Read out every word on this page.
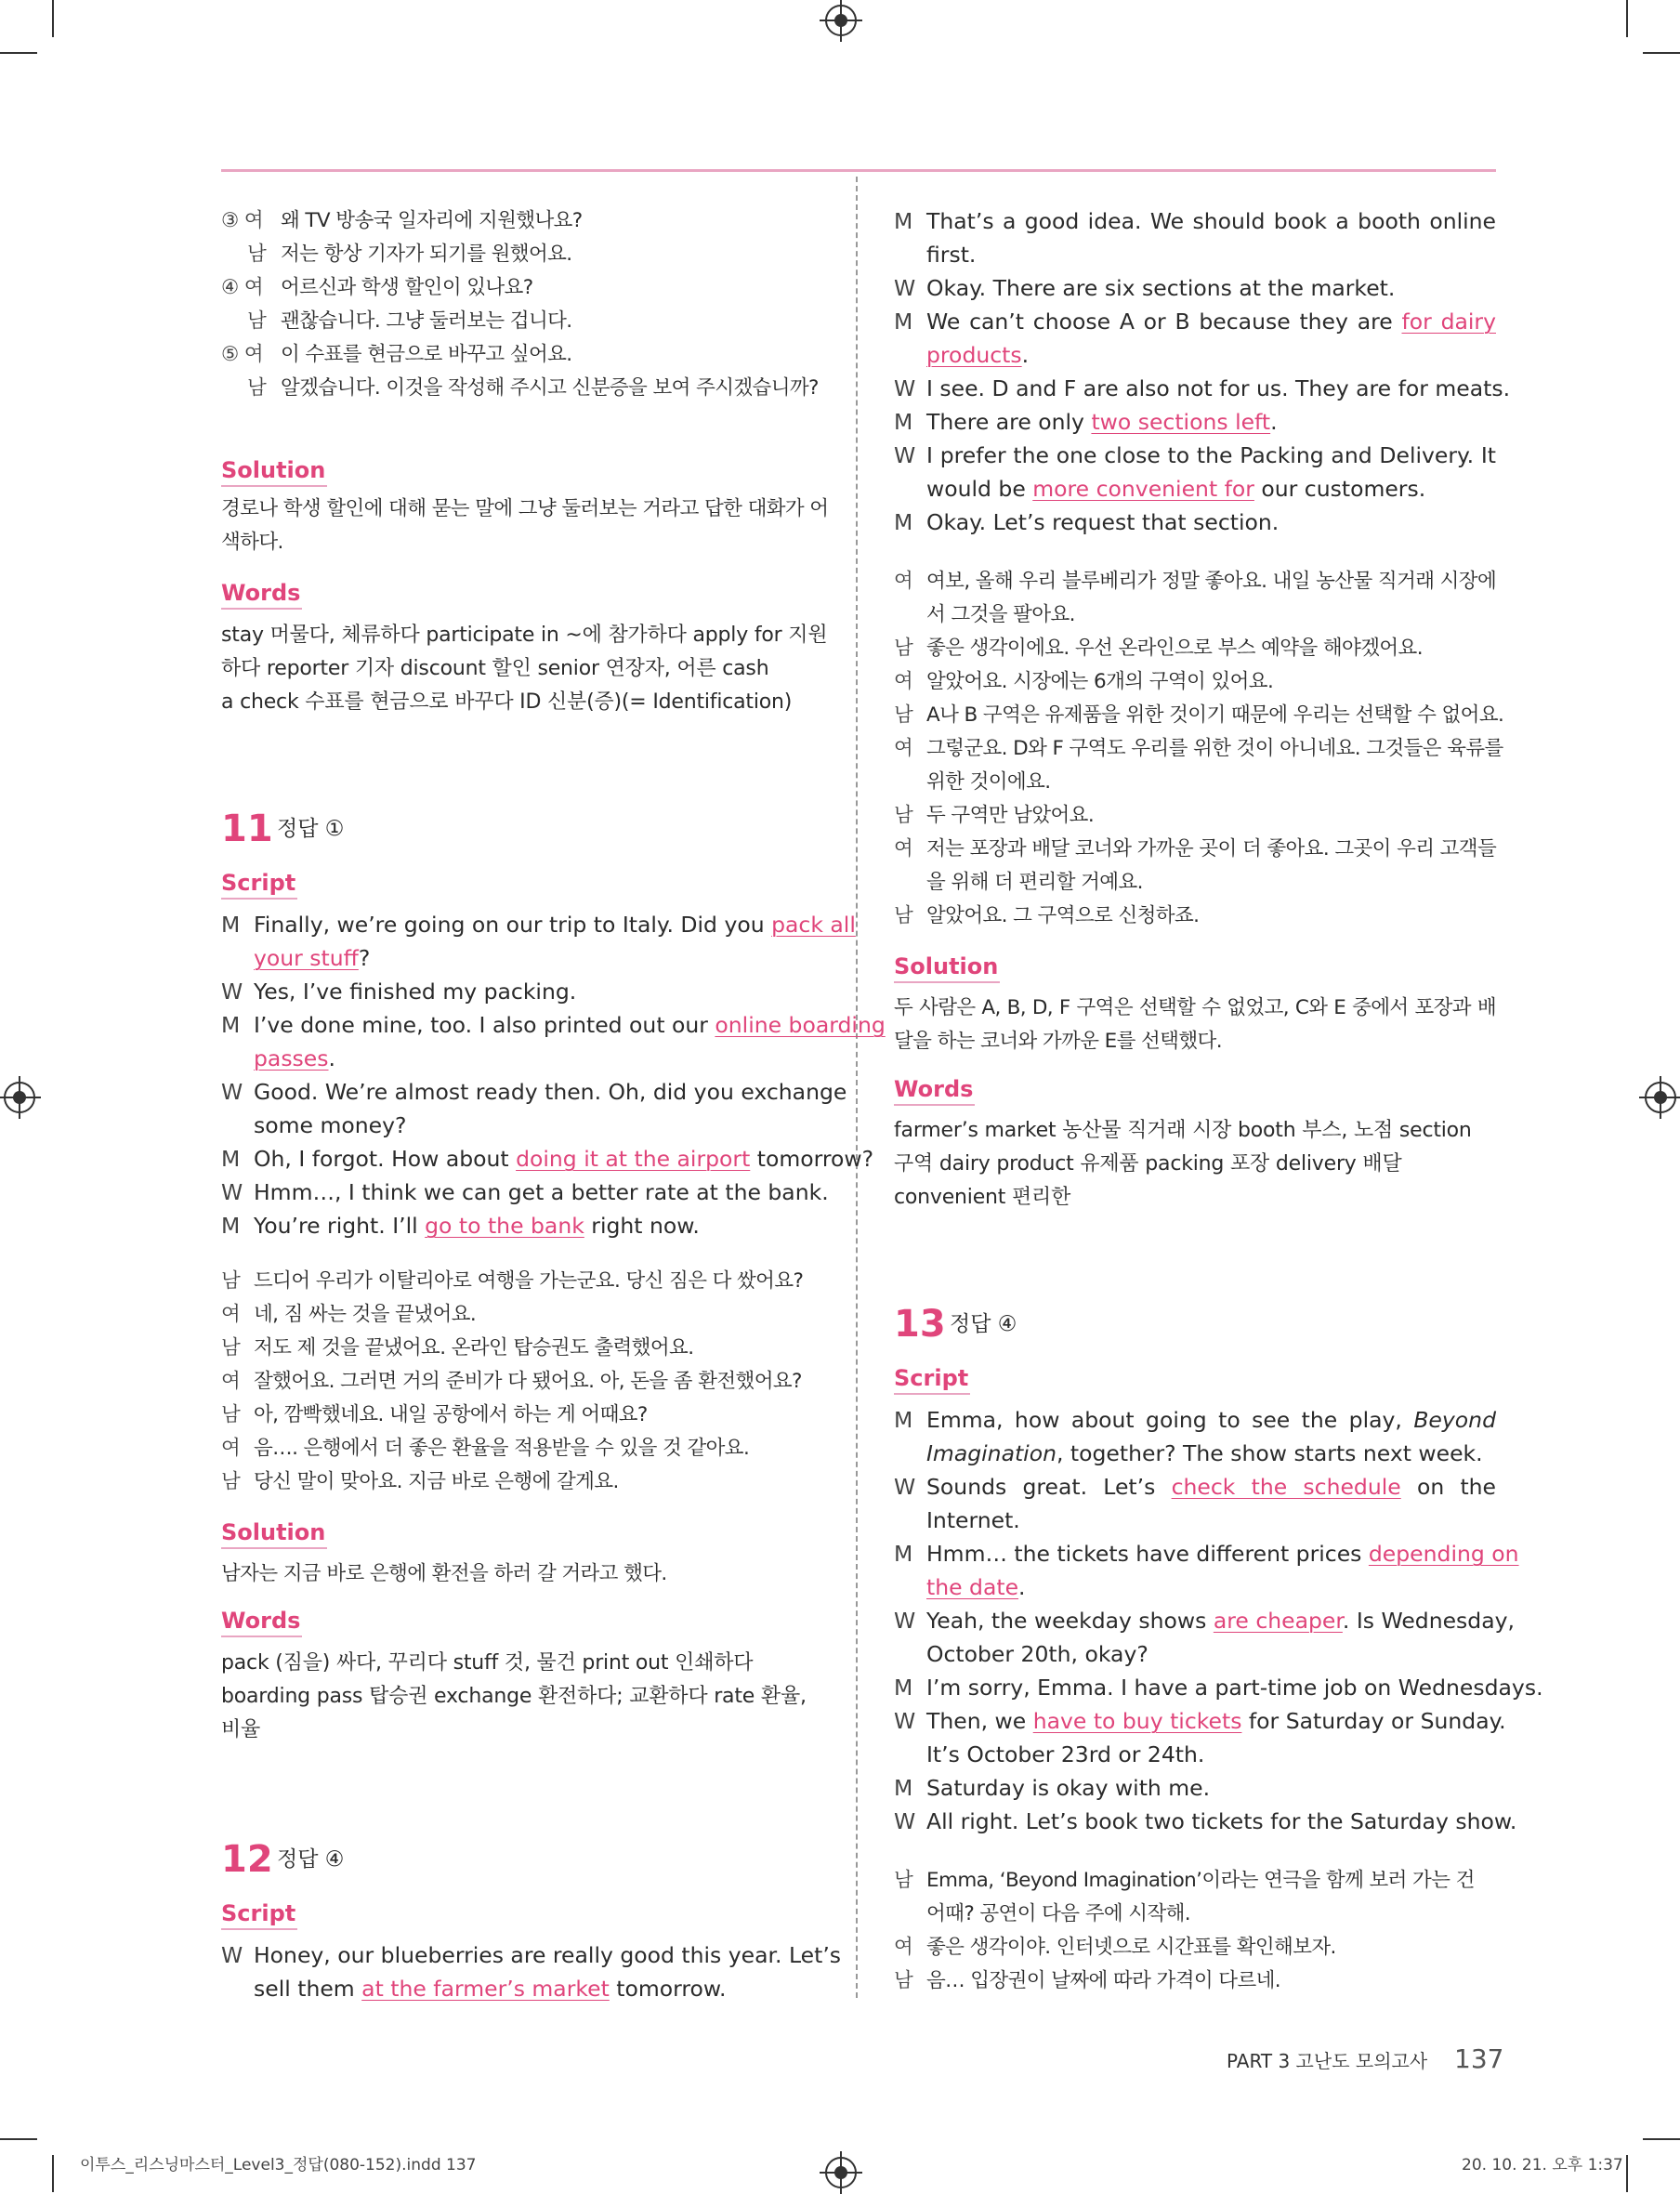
③ 여 왜 TV 방송국 일자리에 지원했나요?
남 저는 항상 기자가 되기를 원했어요.
④ 여 어르신과 학생 할인이 있나요?
남 괜찮습니다. 그냥 둘러보는 겁니다.
⑤ 여 이 수표를 현금으로 바꾸고 싶어요.
남 알겠습니다. 이것을 작성해 주시고 신분증을 보여 주시겠습니까?
Solution
경로나 학생 할인에 대해 묻는 말에 그냥 둘러보는 거라고 답한 대화가 어
색하다.
Words
stay 머물다, 체류하다 participate in ~에 참가하다 apply for 지원
하다 reporter 기자 discount 할인 senior 연장자, 어른 cash
a check 수표를 현금으로 바꾸다 ID 신분(증)(= Identification)
11 정답 ①
Script
M Finally, we’re going on our trip to Italy. Did you pack all
your stuff?
W Yes, I’ve finished my packing.
M I’ve done mine, too. I also printed out our online boarding
passes.
W Good. We’re almost ready then. Oh, did you exchange
some money?
M Oh, I forgot. How about doing it at the airport tomorrow?
W Hmm…, I think we can get a better rate at the bank.
M You’re right. I’ll go to the bank right now.
남 드디어 우리가 이탈리아로 여행을 가는군요. 당신 짐은 다 쌌어요?
여 네, 짐 싸는 것을 끝냈어요.
남 저도 제 것을 끝냈어요. 온라인 탑승권도 출력했어요.
여 잘했어요. 그러면 거의 준비가 다 됐어요. 아, 돈을 좀 환전했어요?
남 아, 깜빡했네요. 내일 공항에서 하는 게 어때요?
여 음…. 은행에서 더 좋은 환율을 적용받을 수 있을 것 같아요.
남 당신 말이 맞아요. 지금 바로 은행에 갈게요.
Solution
남자는 지금 바로 은행에 환전을 하러 갈 거라고 했다.
Words
pack (짐을) 싸다, 꾸리다 stuff 것, 물건 print out 인쇄하다
boarding pass 탑승권 exchange 환전하다; 교환하다 rate 환율,
비율
12 정답 ④
Script
W Honey, our blueberries are really good this year. Let’s
sell them at the farmer’s market tomorrow.
M That’s a good idea. We should book a booth online
first.
W Okay. There are six sections at the market.
M We can’t choose A or B because they are for dairy
products.
W I see. D and F are also not for us. They are for meats.
M There are only two sections left.
W I prefer the one close to the Packing and Delivery. It
would be more convenient for our customers.
M Okay. Let’s request that section.
여 여보, 올해 우리 블루베리가 정말 좋아요. 내일 농산물 직거래 시장에
서 그것을 팔아요.
남 좋은 생각이에요. 우선 온라인으로 부스 예약을 해야겠어요.
여 알았어요. 시장에는 6개의 구역이 있어요.
남 A나 B 구역은 유제품을 위한 것이기 때문에 우리는 선택할 수 없어요.
여 그렇군요. D와 F 구역도 우리를 위한 것이 아니네요. 그것들은 육류를
위한 것이에요.
남 두 구역만 남았어요.
여 저는 포장과 배달 코너와 가까운 곳이 더 좋아요. 그곳이 우리 고객들
을 위해 더 편리할 거예요.
남 알았어요. 그 구역으로 신청하죠.
Solution
두 사람은 A, B, D, F 구역은 선택할 수 없었고, C와 E 중에서 포장과 배
달을 하는 코너와 가까운 E를 선택했다.
Words
farmer’s market 농산물 직거래 시장 booth 부스, 노점 section
구역 dairy product 유제품 packing 포장 delivery 배달
convenient 편리한
13 정답 ④
Script
M Emma, how about going to see the play, Beyond
Imagination, together? The show starts next week.
W Sounds great. Let’s check the schedule on the
Internet.
M Hmm… the tickets have different prices depending on
the date.
W Yeah, the weekday shows are cheaper. Is Wednesday,
October 20th, okay?
M I’m sorry, Emma. I have a part-time job on Wednesdays.
W Then, we have to buy tickets for Saturday or Sunday.
It’s October 23rd or 24th.
M Saturday is okay with me.
W All right. Let’s book two tickets for the Saturday show.
남 Emma, ‘Beyond Imagination’이라는 연극을 함께 보러 가는 건
어때? 공연이 다음 주에 시작해.
여 좋은 생각이야. 인터넷으로 시간표를 확인해보자.
남 음… 입장권이 날짜에 따라 가격이 다르네.
PART 3 고난도 모의고사 137
이투스_리스닝마스터_Level3_정답(080-152).indd 137	20. 10. 21. 오후 1:37
